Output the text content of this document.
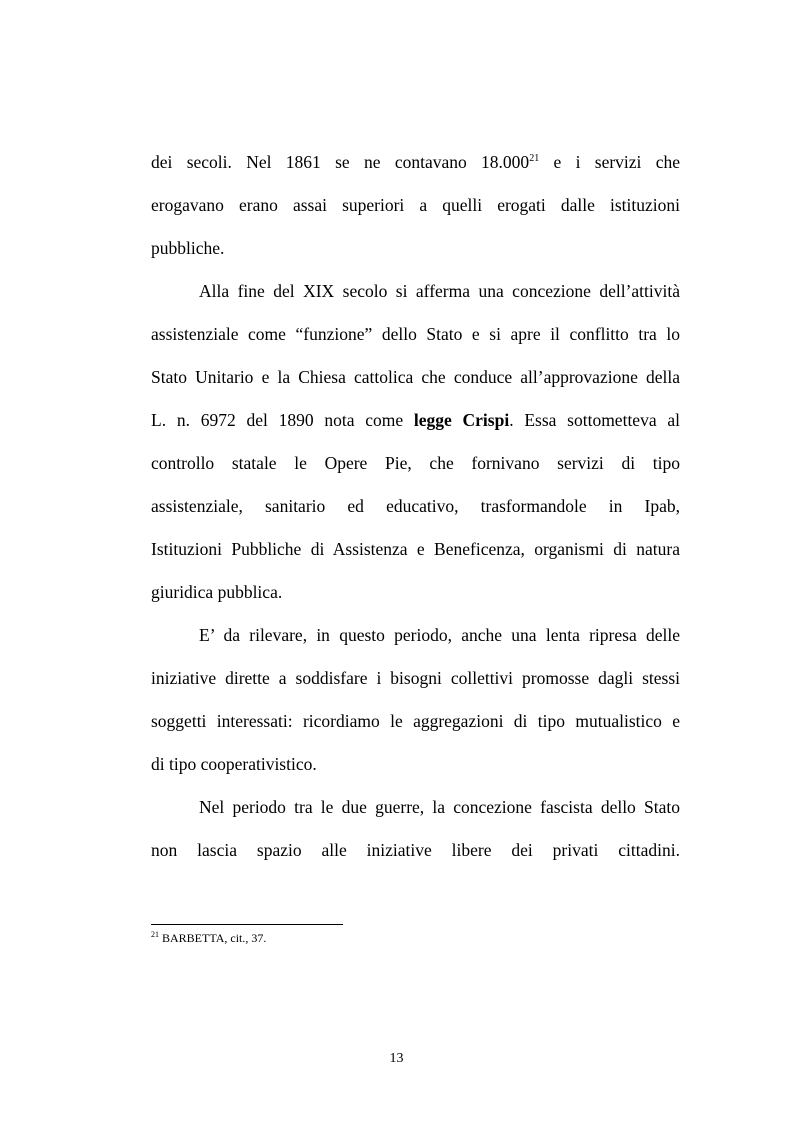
dei secoli. Nel 1861 se ne contavano 18.000$^{21}$ e i servizi che
erogavano erano assai superiori a quelli erogati dalle istituzioni
pubbliche.
Alla fine del XIX secolo si afferma una concezione dell’attività
assistenziale come “funzione” dello Stato e si apre il conflitto tra lo
Stato Unitario e la Chiesa cattolica che conduce all’approvazione della
L. n. 6972 del 1890 nota come legge Crispi. Essa sottometteva al
controllo statale le Opere Pie, che fornivano servizi di tipo
assistenziale, sanitario ed educativo, trasformandole in Ipab,
Istituzioni Pubbliche di Assistenza e Beneficenza, organismi di natura
giuridica pubblica.
E’ da rilevare, in questo periodo, anche una lenta ripresa delle
iniziative dirette a soddisfare i bisogni collettivi promosse dagli stessi
soggetti interessati: ricordiamo le aggregazioni di tipo mutualistico e
di tipo cooperativistico.
Nel periodo tra le due guerre, la concezione fascista dello Stato
non lascia spazio alle iniziative libere dei privati cittadini.
$^{21}$ BARBETTA, cit., 37.
13
